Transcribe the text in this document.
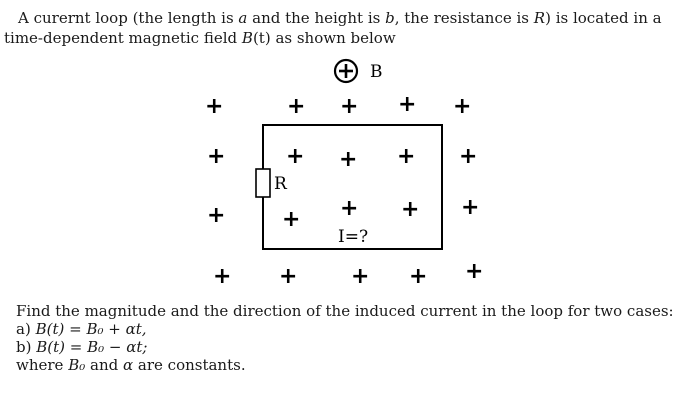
A curernt loop (the length is a and the height is b, the resistance is R) is located in a time-dependent magnetic field B(t) as shown below

B
R
I=?
+	+ + + +
+	+ + + +
+	+ + + +
+ + + + +
Find the magnitude and the direction of the induced current in the loop for two cases:
a) B(t) = B₀ + αt,
b) B(t) = B₀ − αt;
where B₀ and α are constants.
